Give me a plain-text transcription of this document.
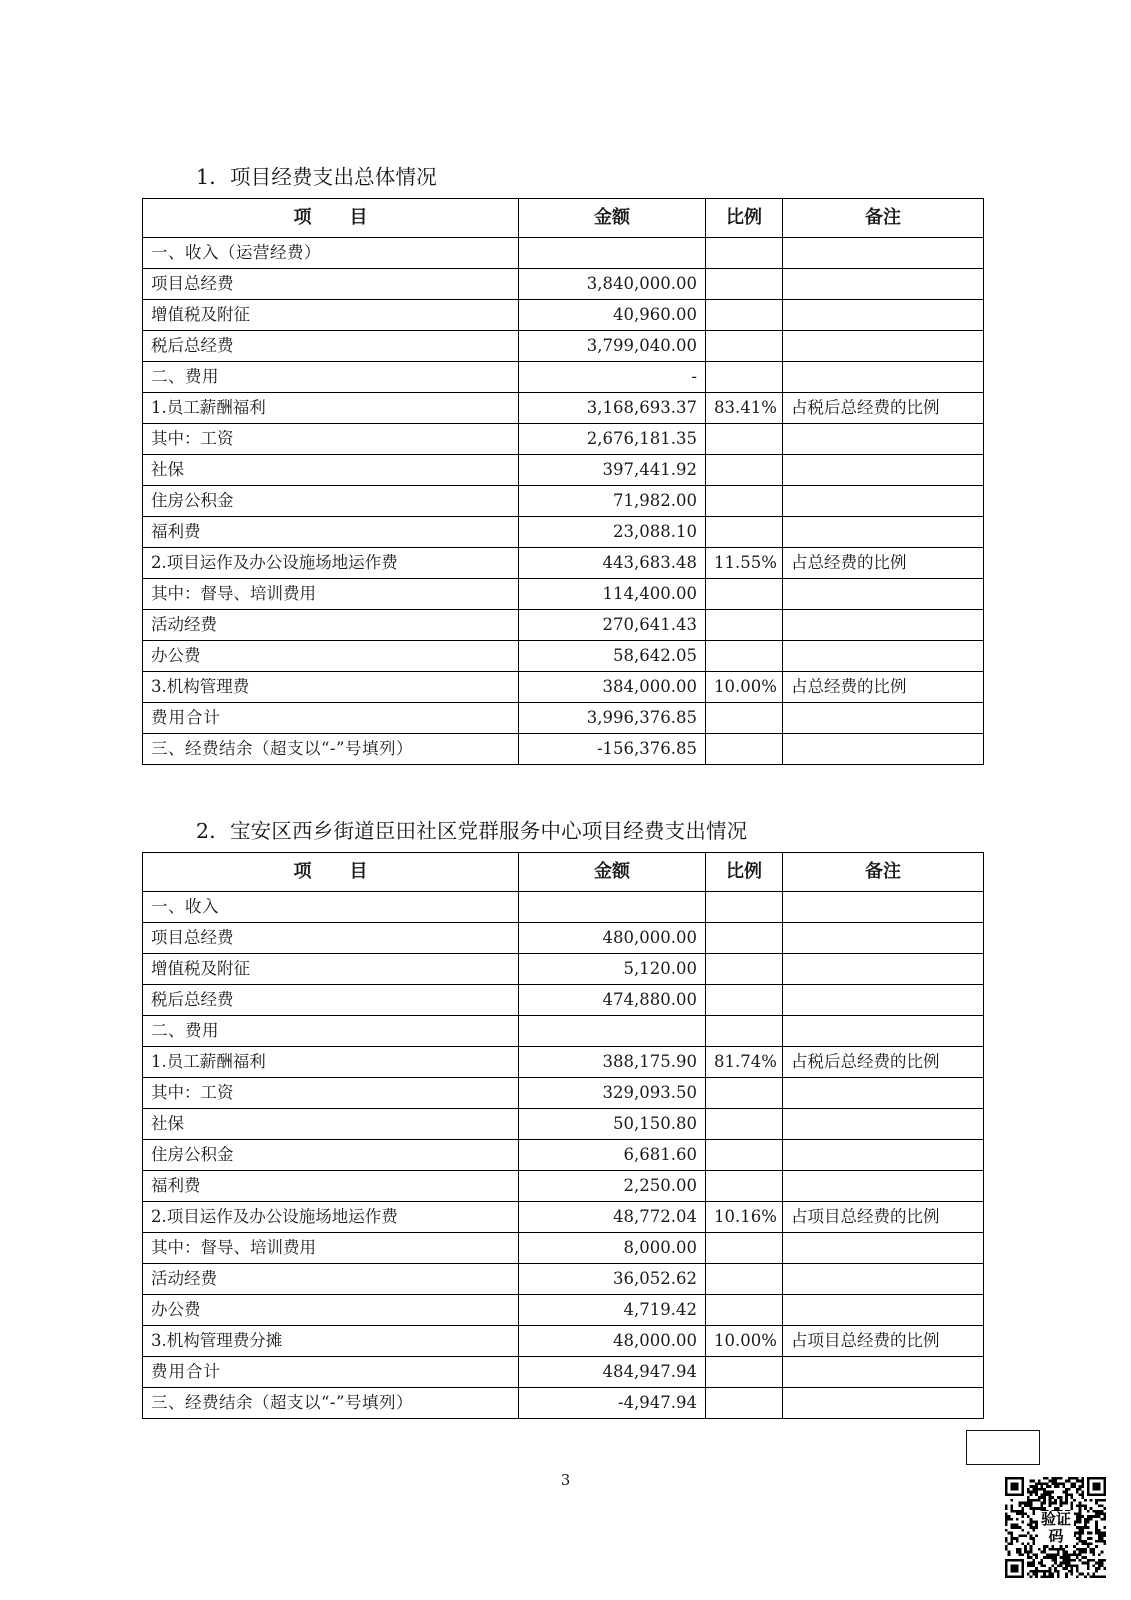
1．项目经费支出总体情况
项　目	金额	比例	备注
一、收入（运营经费）			
项目总经费	3,840,000.00		
增值税及附征	40,960.00		
税后总经费	3,799,040.00		
二、费用	-		
1.员工薪酬福利	3,168,693.37	83.41%	占税后总经费的比例
其中：工资	2,676,181.35		
社保	397,441.92		
住房公积金	71,982.00		
福利费	23,088.10		
2.项目运作及办公设施场地运作费	443,683.48	11.55%	占总经费的比例
其中：督导、培训费用	114,400.00		
活动经费	270,641.43		
办公费	58,642.05		
3.机构管理费	384,000.00	10.00%	占总经费的比例
费用合计	3,996,376.85		
三、经费结余（超支以“-”号填列）	-156,376.85		
2．宝安区西乡街道臣田社区党群服务中心项目经费支出情况
项　目	金额	比例	备注
一、收入			
项目总经费	480,000.00		
增值税及附征	5,120.00		
税后总经费	474,880.00		
二、费用			
1.员工薪酬福利	388,175.90	81.74%	占税后总经费的比例
其中：工资	329,093.50		
社保	50,150.80		
住房公积金	6,681.60		
福利费	2,250.00		
2.项目运作及办公设施场地运作费	48,772.04	10.16%	占项目总经费的比例
其中：督导、培训费用	8,000.00		
活动经费	36,052.62		
办公费	4,719.42		
3.机构管理费分摊	48,000.00	10.00%	占项目总经费的比例
费用合计	484,947.94		
三、经费结余（超支以“-”号填列）	-4,947.94		
3
验证码
